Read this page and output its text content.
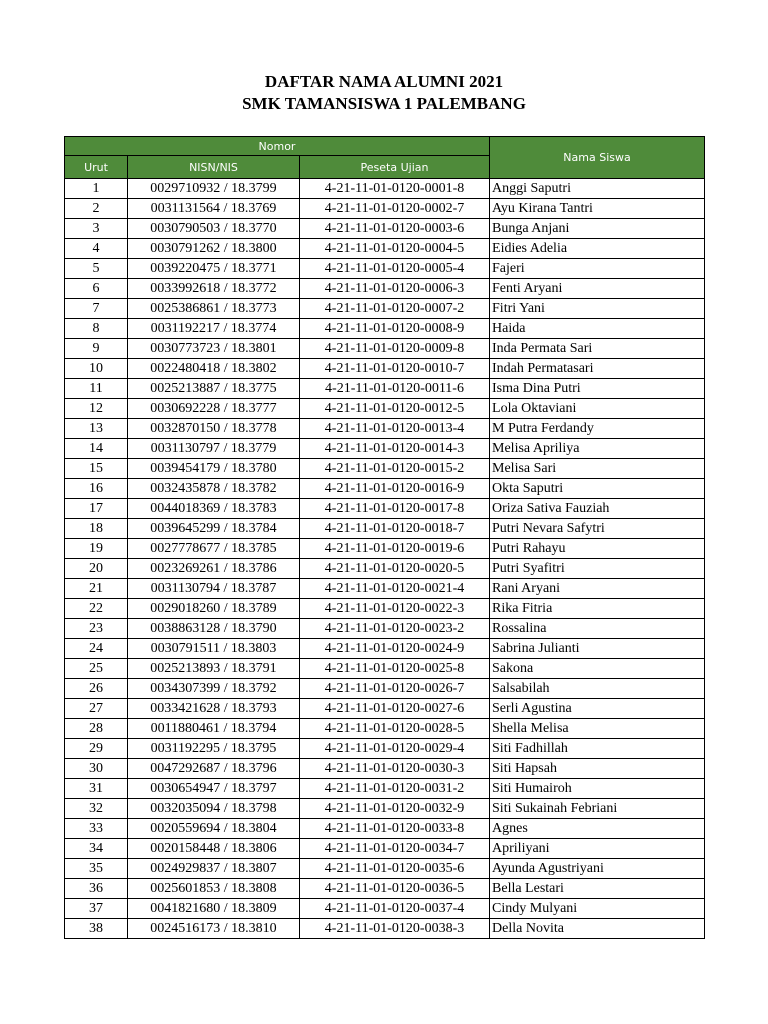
DAFTAR NAMA ALUMNI 2021
SMK TAMANSISWA 1 PALEMBANG
Nomor			Nama Siswa
Urut	NISN/NIS	Peseta Ujian	
1	0029710932 / 18.3799	4-21-11-01-0120-0001-8	Anggi Saputri
2	0031131564 / 18.3769	4-21-11-01-0120-0002-7	Ayu Kirana Tantri
3	0030790503 / 18.3770	4-21-11-01-0120-0003-6	Bunga Anjani
4	0030791262 / 18.3800	4-21-11-01-0120-0004-5	Eidies Adelia
5	0039220475 / 18.3771	4-21-11-01-0120-0005-4	Fajeri
6	0033992618 / 18.3772	4-21-11-01-0120-0006-3	Fenti Aryani
7	0025386861 / 18.3773	4-21-11-01-0120-0007-2	Fitri Yani
8	0031192217 / 18.3774	4-21-11-01-0120-0008-9	Haida
9	0030773723 / 18.3801	4-21-11-01-0120-0009-8	Inda Permata Sari
10	0022480418 / 18.3802	4-21-11-01-0120-0010-7	Indah Permatasari
11	0025213887 / 18.3775	4-21-11-01-0120-0011-6	Isma Dina Putri
12	0030692228 / 18.3777	4-21-11-01-0120-0012-5	Lola Oktaviani
13	0032870150 / 18.3778	4-21-11-01-0120-0013-4	M Putra Ferdandy
14	0031130797 / 18.3779	4-21-11-01-0120-0014-3	Melisa Apriliya
15	0039454179 / 18.3780	4-21-11-01-0120-0015-2	Melisa Sari
16	0032435878 / 18.3782	4-21-11-01-0120-0016-9	Okta Saputri
17	0044018369 / 18.3783	4-21-11-01-0120-0017-8	Oriza Sativa Fauziah
18	0039645299 / 18.3784	4-21-11-01-0120-0018-7	Putri Nevara Safytri
19	0027778677 / 18.3785	4-21-11-01-0120-0019-6	Putri Rahayu
20	0023269261 / 18.3786	4-21-11-01-0120-0020-5	Putri Syafitri
21	0031130794 / 18.3787	4-21-11-01-0120-0021-4	Rani Aryani
22	0029018260 / 18.3789	4-21-11-01-0120-0022-3	Rika Fitria
23	0038863128 / 18.3790	4-21-11-01-0120-0023-2	Rossalina
24	0030791511 / 18.3803	4-21-11-01-0120-0024-9	Sabrina Julianti
25	0025213893 / 18.3791	4-21-11-01-0120-0025-8	Sakona
26	0034307399 / 18.3792	4-21-11-01-0120-0026-7	Salsabilah
27	0033421628 / 18.3793	4-21-11-01-0120-0027-6	Serli Agustina
28	0011880461 / 18.3794	4-21-11-01-0120-0028-5	Shella Melisa
29	0031192295 / 18.3795	4-21-11-01-0120-0029-4	Siti Fadhillah
30	0047292687 / 18.3796	4-21-11-01-0120-0030-3	Siti Hapsah
31	0030654947 / 18.3797	4-21-11-01-0120-0031-2	Siti Humairoh
32	0032035094 / 18.3798	4-21-11-01-0120-0032-9	Siti Sukainah Febriani
33	0020559694 / 18.3804	4-21-11-01-0120-0033-8	Agnes
34	0020158448 / 18.3806	4-21-11-01-0120-0034-7	Apriliyani
35	0024929837 / 18.3807	4-21-11-01-0120-0035-6	Ayunda Agustriyani
36	0025601853 / 18.3808	4-21-11-01-0120-0036-5	Bella Lestari
37	0041821680 / 18.3809	4-21-11-01-0120-0037-4	Cindy Mulyani
38	0024516173 / 18.3810	4-21-11-01-0120-0038-3	Della Novita
